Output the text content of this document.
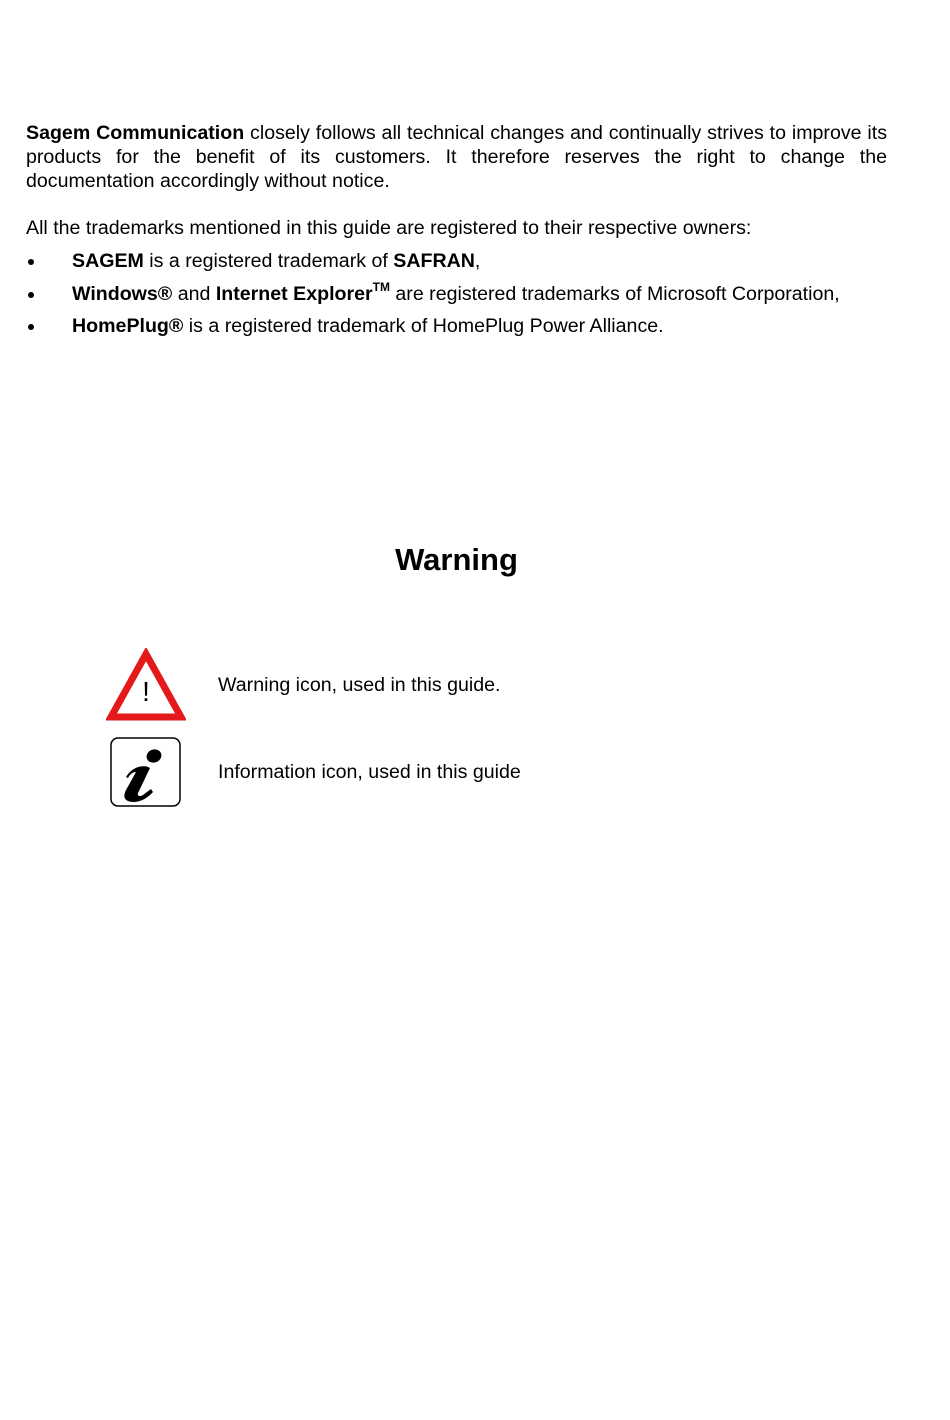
Sagem Communication closely follows all technical changes and continually strives to improve its products for the benefit of its customers. It therefore reserves the right to change the documentation accordingly without notice.

All the trademarks mentioned in this guide are registered to their respective owners:

SAGEM is a registered trademark of SAFRAN,
Windows® and Internet Explorer™ are registered trademarks of Microsoft Corporation,
HomePlug® is a registered trademark of HomePlug Power Alliance.
Warning
!	Warning icon, used in this guide.
Information icon, used in this guide
